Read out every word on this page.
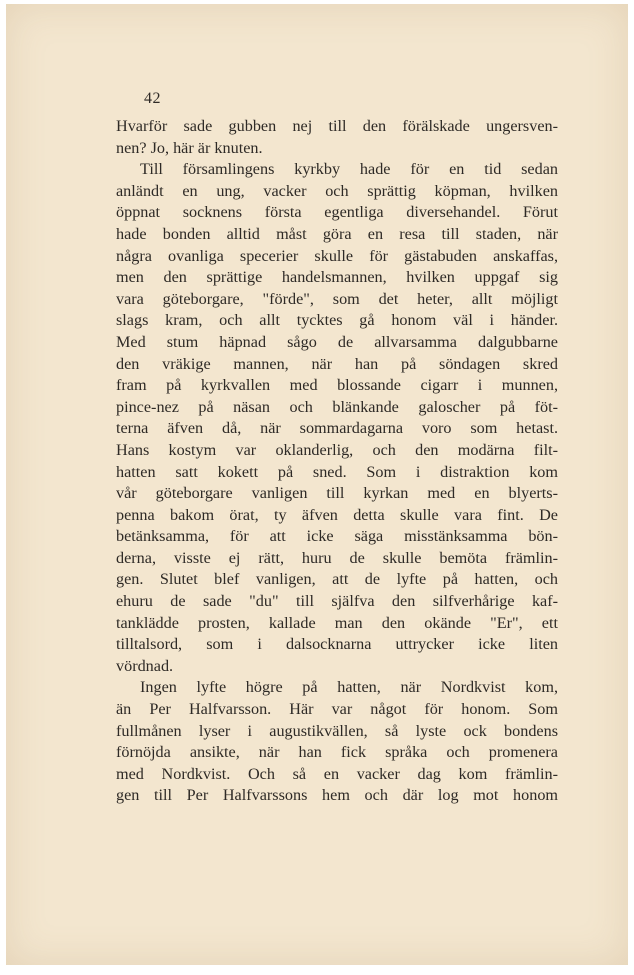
42
Hvarför sade gubben nej till den förälskade ungersven-
nen? Jo, här är knuten.
Till församlingens kyrkby hade för en tid sedan
anländt en ung, vacker och sprättig köpman, hvilken
öppnat socknens första egentliga diversehandel. Förut
hade bonden alltid måst göra en resa till staden, när
några ovanliga specerier skulle för gästabuden anskaffas,
men den sprättige handelsmannen, hvilken uppgaf sig
vara göteborgare, "förde", som det heter, allt möjligt
slags kram, och allt tycktes gå honom väl i händer.
Med stum häpnad sågo de allvarsamma dalgubbarne
den vräkige mannen, när han på söndagen skred
fram på kyrkvallen med blossande cigarr i munnen,
pince-nez på näsan och blänkande galoscher på föt-
terna äfven då, när sommardagarna voro som hetast.
Hans kostym var oklanderlig, och den modärna filt-
hatten satt kokett på sned. Som i distraktion kom
vår göteborgare vanligen till kyrkan med en blyerts-
penna bakom örat, ty äfven detta skulle vara fint. De
betänksamma, för att icke säga misstänksamma bön-
derna, visste ej rätt, huru de skulle bemöta främlin-
gen. Slutet blef vanligen, att de lyfte på hatten, och
ehuru de sade "du" till själfva den silfverhårige kaf-
tanklädde prosten, kallade man den okände "Er", ett
tilltalsord, som i dalsocknarna uttrycker icke liten
vördnad.
Ingen lyfte högre på hatten, när Nordkvist kom,
än Per Halfvarsson. Här var något för honom. Som
fullmånen lyser i augustikvällen, så lyste ock bondens
förnöjda ansikte, när han fick språka och promenera
med Nordkvist. Och så en vacker dag kom främlin-
gen till Per Halfvarssons hem och där log mot honom
